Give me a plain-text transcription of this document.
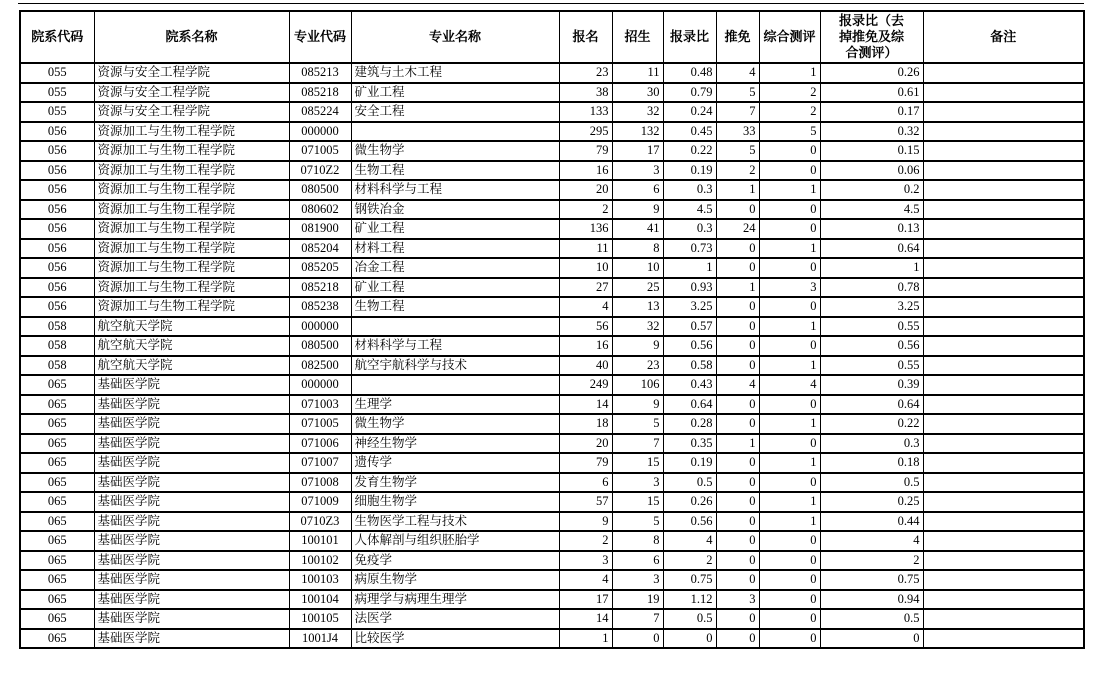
院系代码	院系名称	专业代码	专业名称	报名	招生	报录比	推免	综合测评	报录比（去掉推免及综合测评）	备注
055	资源与安全工程学院	085213	建筑与土木工程	23	11	0.48	4	1	0.26	
055	资源与安全工程学院	085218	矿业工程	38	30	0.79	5	2	0.61	
055	资源与安全工程学院	085224	安全工程	133	32	0.24	7	2	0.17	
056	资源加工与生物工程学院	000000		295	132	0.45	33	5	0.32	
056	资源加工与生物工程学院	071005	微生物学	79	17	0.22	5	0	0.15	
056	资源加工与生物工程学院	0710Z2	生物工程	16	3	0.19	2	0	0.06	
056	资源加工与生物工程学院	080500	材料科学与工程	20	6	0.3	1	1	0.2	
056	资源加工与生物工程学院	080602	钢铁冶金	2	9	4.5	0	0	4.5	
056	资源加工与生物工程学院	081900	矿业工程	136	41	0.3	24	0	0.13	
056	资源加工与生物工程学院	085204	材料工程	11	8	0.73	0	1	0.64	
056	资源加工与生物工程学院	085205	冶金工程	10	10	1	0	0	1	
056	资源加工与生物工程学院	085218	矿业工程	27	25	0.93	1	3	0.78	
056	资源加工与生物工程学院	085238	生物工程	4	13	3.25	0	0	3.25	
058	航空航天学院	000000		56	32	0.57	0	1	0.55	
058	航空航天学院	080500	材料科学与工程	16	9	0.56	0	0	0.56	
058	航空航天学院	082500	航空宇航科学与技术	40	23	0.58	0	1	0.55	
065	基础医学院	000000		249	106	0.43	4	4	0.39	
065	基础医学院	071003	生理学	14	9	0.64	0	0	0.64	
065	基础医学院	071005	微生物学	18	5	0.28	0	1	0.22	
065	基础医学院	071006	神经生物学	20	7	0.35	1	0	0.3	
065	基础医学院	071007	遗传学	79	15	0.19	0	1	0.18	
065	基础医学院	071008	发育生物学	6	3	0.5	0	0	0.5	
065	基础医学院	071009	细胞生物学	57	15	0.26	0	1	0.25	
065	基础医学院	0710Z3	生物医学工程与技术	9	5	0.56	0	1	0.44	
065	基础医学院	100101	人体解剖与组织胚胎学	2	8	4	0	0	4	
065	基础医学院	100102	免疫学	3	6	2	0	0	2	
065	基础医学院	100103	病原生物学	4	3	0.75	0	0	0.75	
065	基础医学院	100104	病理学与病理生理学	17	19	1.12	3	0	0.94	
065	基础医学院	100105	法医学	14	7	0.5	0	0	0.5	
065	基础医学院	1001J4	比较医学	1	0	0	0	0	0	
